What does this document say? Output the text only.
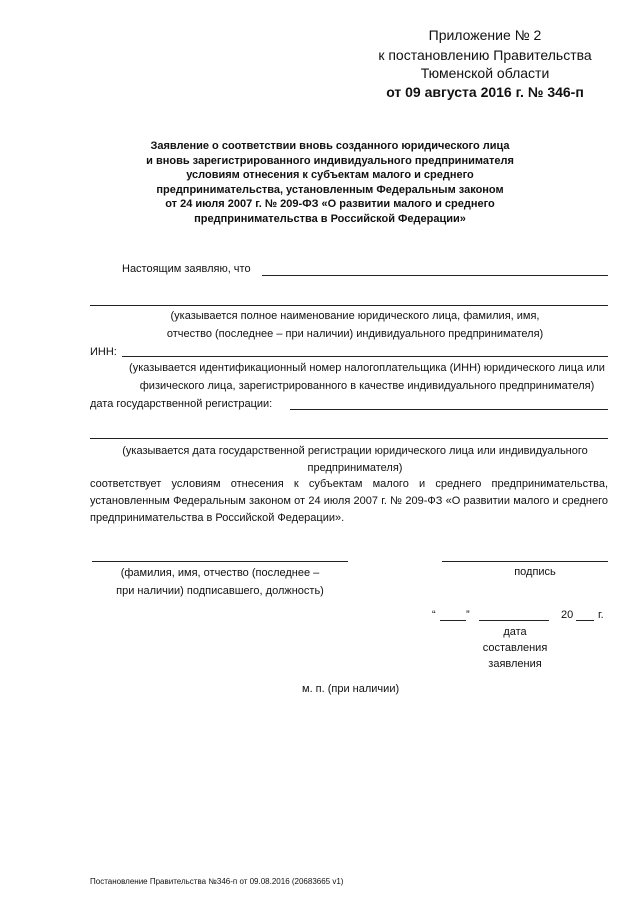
Приложение № 2
к постановлению Правительства
Тюменской области
от 09 августа 2016 г. № 346-п
Заявление о соответствии вновь созданного юридического лица
и вновь зарегистрированного индивидуального предпринимателя
условиям отнесения к субъектам малого и среднего
предпринимательства, установленным Федеральным законом
от 24 июля 2007 г. № 209-ФЗ «О развитии малого и среднего
предпринимательства в Российской Федерации»
Настоящим заявляю, что
(указывается полное наименование юридического лица, фамилия, имя,
отчество (последнее – при наличии) индивидуального предпринимателя)
ИНН:
(указывается идентификационный номер налогоплательщика (ИНН) юридического лица или
физического лица, зарегистрированного в качестве индивидуального предпринимателя)
дата государственной регистрации:
(указывается дата государственной регистрации юридического лица или индивидуального
предпринимателя)
соответствует условиям отнесения к субъектам малого и среднего предпринимательства, установленным Федеральным законом от 24 июля 2007 г. № 209-ФЗ «О развитии малого и среднего предпринимательства в Российской Федерации».
(фамилия, имя, отчество (последнее –
при наличии) подписавшего, должность)
подпись
“	”	20 г.
дата
составления
заявления
м. п. (при наличии)
Постановление Правительства №346-п от 09.08.2016 (20683665 v1)
